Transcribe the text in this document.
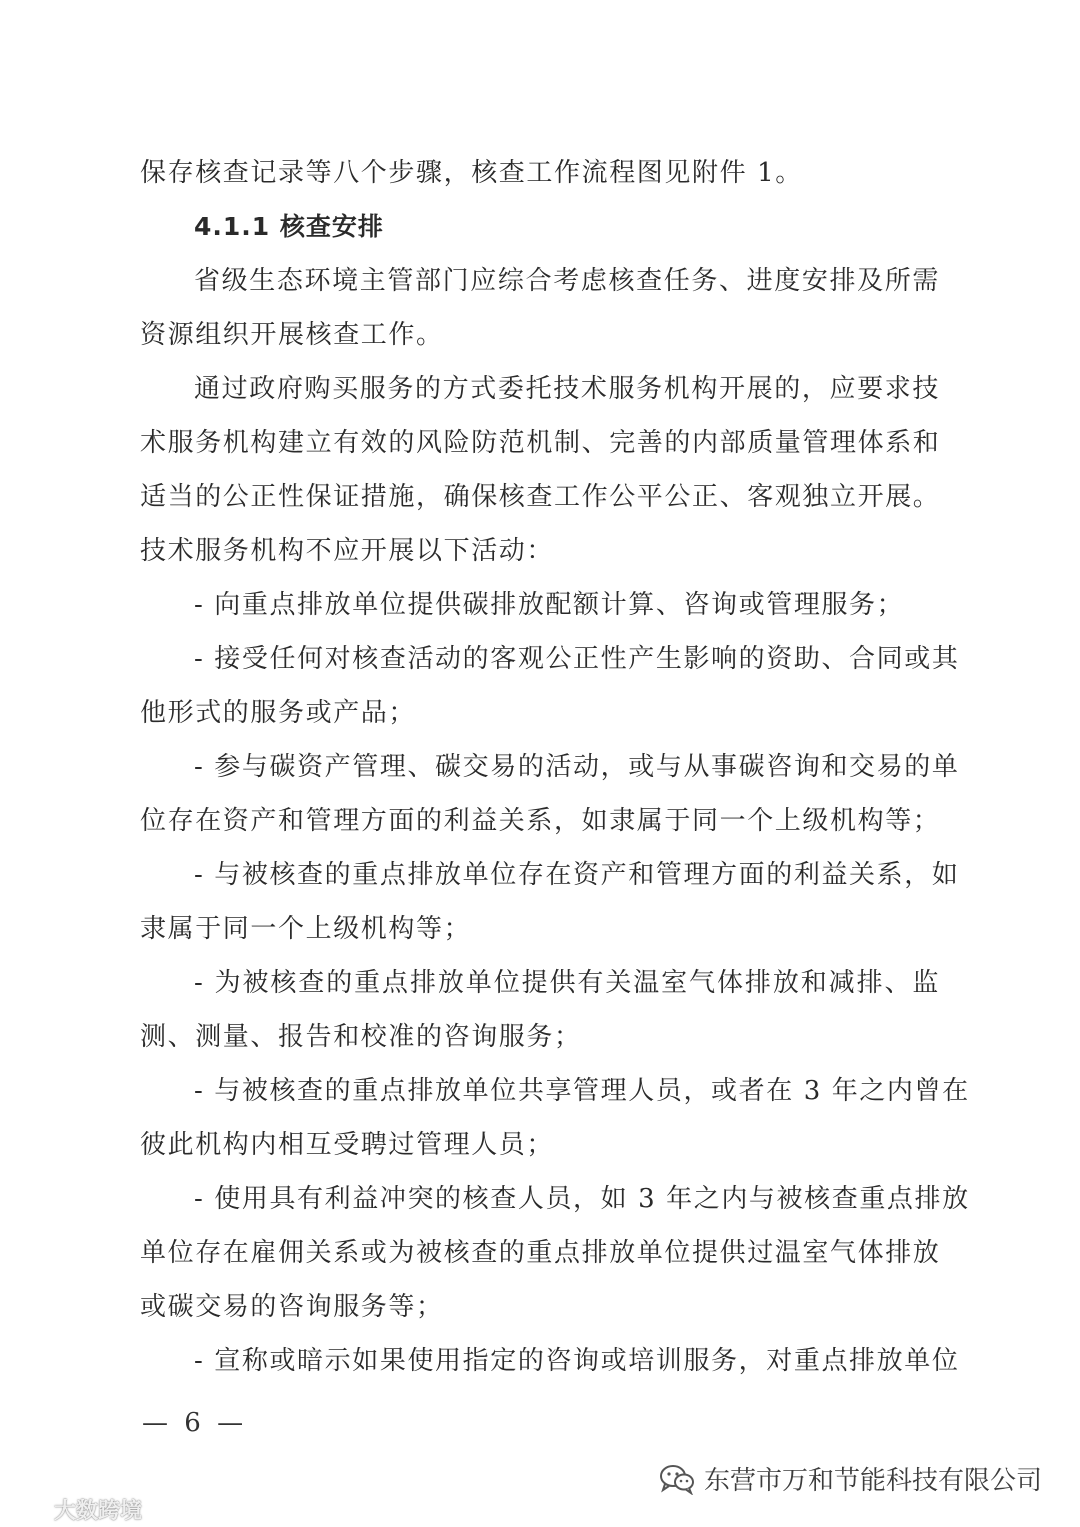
保存核查记录等八个步骤，核查工作流程图见附件 1。
4.1.1 核查安排
省级生态环境主管部门应综合考虑核查任务、进度安排及所需
资源组织开展核查工作。
通过政府购买服务的方式委托技术服务机构开展的，应要求技
术服务机构建立有效的风险防范机制、完善的内部质量管理体系和
适当的公正性保证措施，确保核查工作公平公正、客观独立开展。
技术服务机构不应开展以下活动：
- 向重点排放单位提供碳排放配额计算、咨询或管理服务；
- 接受任何对核查活动的客观公正性产生影响的资助、合同或其
他形式的服务或产品；
- 参与碳资产管理、碳交易的活动，或与从事碳咨询和交易的单
位存在资产和管理方面的利益关系，如隶属于同一个上级机构等；
- 与被核查的重点排放单位存在资产和管理方面的利益关系，如
隶属于同一个上级机构等；
- 为被核查的重点排放单位提供有关温室气体排放和减排、监
测、测量、报告和校准的咨询服务；
- 与被核查的重点排放单位共享管理人员，或者在 3 年之内曾在
彼此机构内相互受聘过管理人员；
- 使用具有利益冲突的核查人员，如 3 年之内与被核查重点排放
单位存在雇佣关系或为被核查的重点排放单位提供过温室气体排放
或碳交易的咨询服务等；
- 宣称或暗示如果使用指定的咨询或培训服务，对重点排放单位
— 6 —
东营市万和节能科技有限公司
大数跨境
